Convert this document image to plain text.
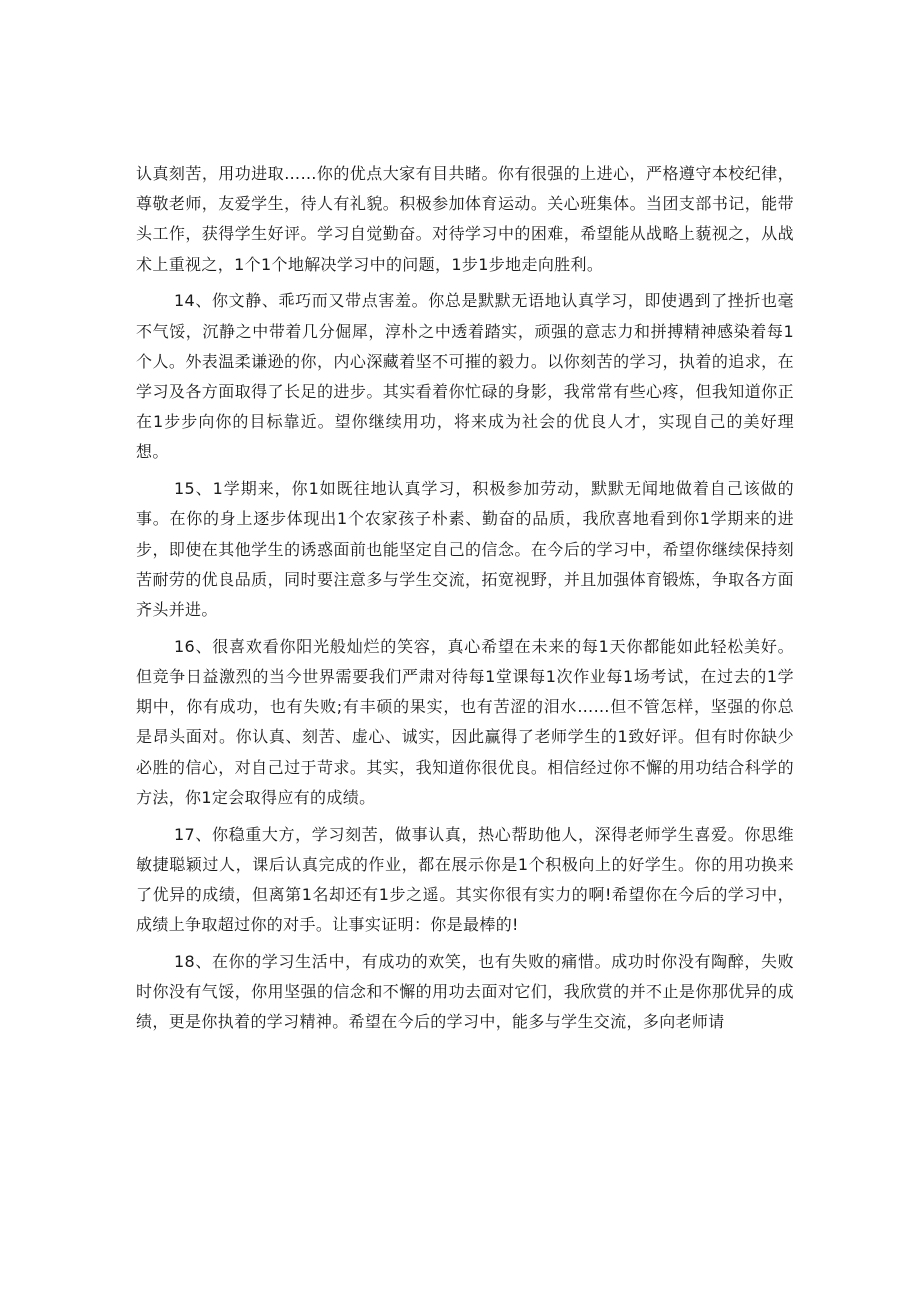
认真刻苦，用功进取……你的优点大家有目共睹。你有很强的上进心，严格遵守本校纪律，尊敬老师，友爱学生，待人有礼貌。积极参加体育运动。关心班集体。当团支部书记，能带头工作，获得学生好评。学习自觉勤奋。对待学习中的困难，希望能从战略上藐视之，从战术上重视之，1个1个地解决学习中的问题，1步1步地走向胜利。

14、你文静、乖巧而又带点害羞。你总是默默无语地认真学习，即使遇到了挫折也毫不气馁，沉静之中带着几分倔犀，淳朴之中透着踏实，顽强的意志力和拼搏精神感染着每1个人。外表温柔谦逊的你，内心深藏着坚不可摧的毅力。以你刻苦的学习，执着的追求，在学习及各方面取得了长足的进步。其实看着你忙碌的身影，我常常有些心疼，但我知道你正在1步步向你的目标靠近。望你继续用功，将来成为社会的优良人才，实现自己的美好理想。

15、1学期来，你1如既往地认真学习，积极参加劳动，默默无闻地做着自己该做的事。在你的身上逐步体现出1个农家孩子朴素、勤奋的品质，我欣喜地看到你1学期来的进步，即使在其他学生的诱惑面前也能坚定自己的信念。在今后的学习中，希望你继续保持刻苦耐劳的优良品质，同时要注意多与学生交流，拓宽视野，并且加强体育锻炼，争取各方面齐头并进。

16、很喜欢看你阳光般灿烂的笑容，真心希望在未来的每1天你都能如此轻松美好。但竞争日益激烈的当今世界需要我们严肃对待每1堂课每1次作业每1场考试，在过去的1学期中，你有成功，也有失败;有丰硕的果实，也有苦涩的泪水……但不管怎样，坚强的你总是昂头面对。你认真、刻苦、虚心、诚实，因此赢得了老师学生的1致好评。但有时你缺少必胜的信心，对自己过于苛求。其实，我知道你很优良。相信经过你不懈的用功结合科学的方法，你1定会取得应有的成绩。

17、你稳重大方，学习刻苦，做事认真，热心帮助他人，深得老师学生喜爱。你思维敏捷聪颖过人，课后认真完成的作业，都在展示你是1个积极向上的好学生。你的用功换来了优异的成绩，但离第1名却还有1步之遥。其实你很有实力的啊!希望你在今后的学习中，成绩上争取超过你的对手。让事实证明：你是最棒的!

18、在你的学习生活中，有成功的欢笑，也有失败的痛惜。成功时你没有陶醉，失败时你没有气馁，你用坚强的信念和不懈的用功去面对它们，我欣赏的并不止是你那优异的成绩，更是你执着的学习精神。希望在今后的学习中，能多与学生交流，多向老师请
